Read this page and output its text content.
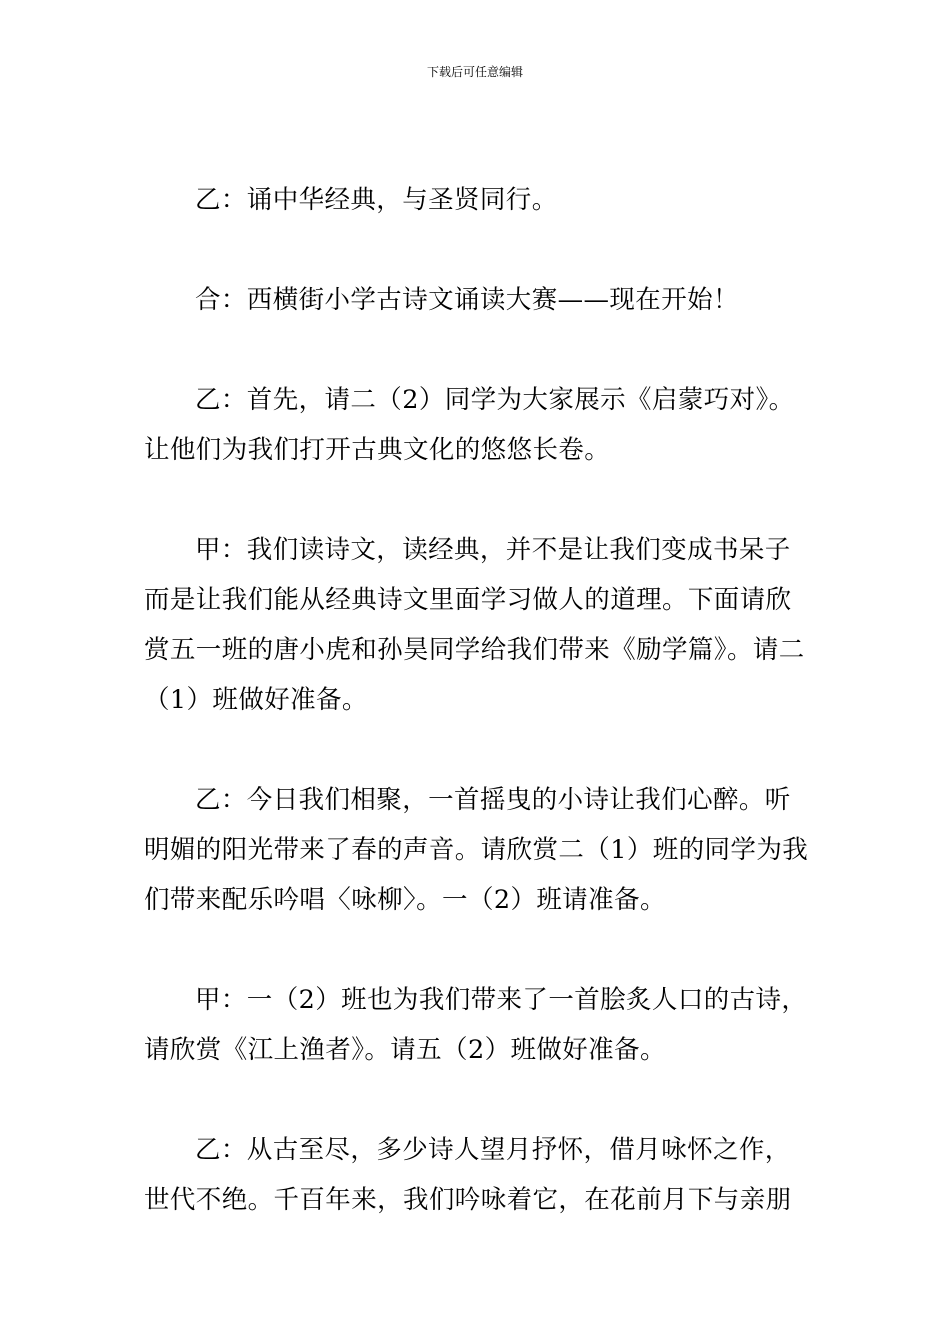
下载后可任意编辑

乙：诵中华经典，与圣贤同行。

合：西横街小学古诗文诵读大赛——现在开始！

乙：首先，请二（2）同学为大家展示《启蒙巧对》。让他们为我们打开古典文化的悠悠长卷。

甲：我们读诗文，读经典，并不是让我们变成书呆子而是让我们能从经典诗文里面学习做人的道理。下面请欣赏五一班的唐小虎和孙昊同学给我们带来《励学篇》。请二（1）班做好准备。

乙：今日我们相聚，一首摇曳的小诗让我们心醉。听明媚的阳光带来了春的声音。请欣赏二（1）班的同学为我们带来配乐吟唱〈咏柳〉。一（2）班请准备。

甲：一（2）班也为我们带来了一首脍炙人口的古诗，请欣赏《江上渔者》。请五（2）班做好准备。

乙：从古至尽，多少诗人望月抒怀，借月咏怀之作，世代不绝。千百年来，我们吟咏着它，在花前月下与亲朋
